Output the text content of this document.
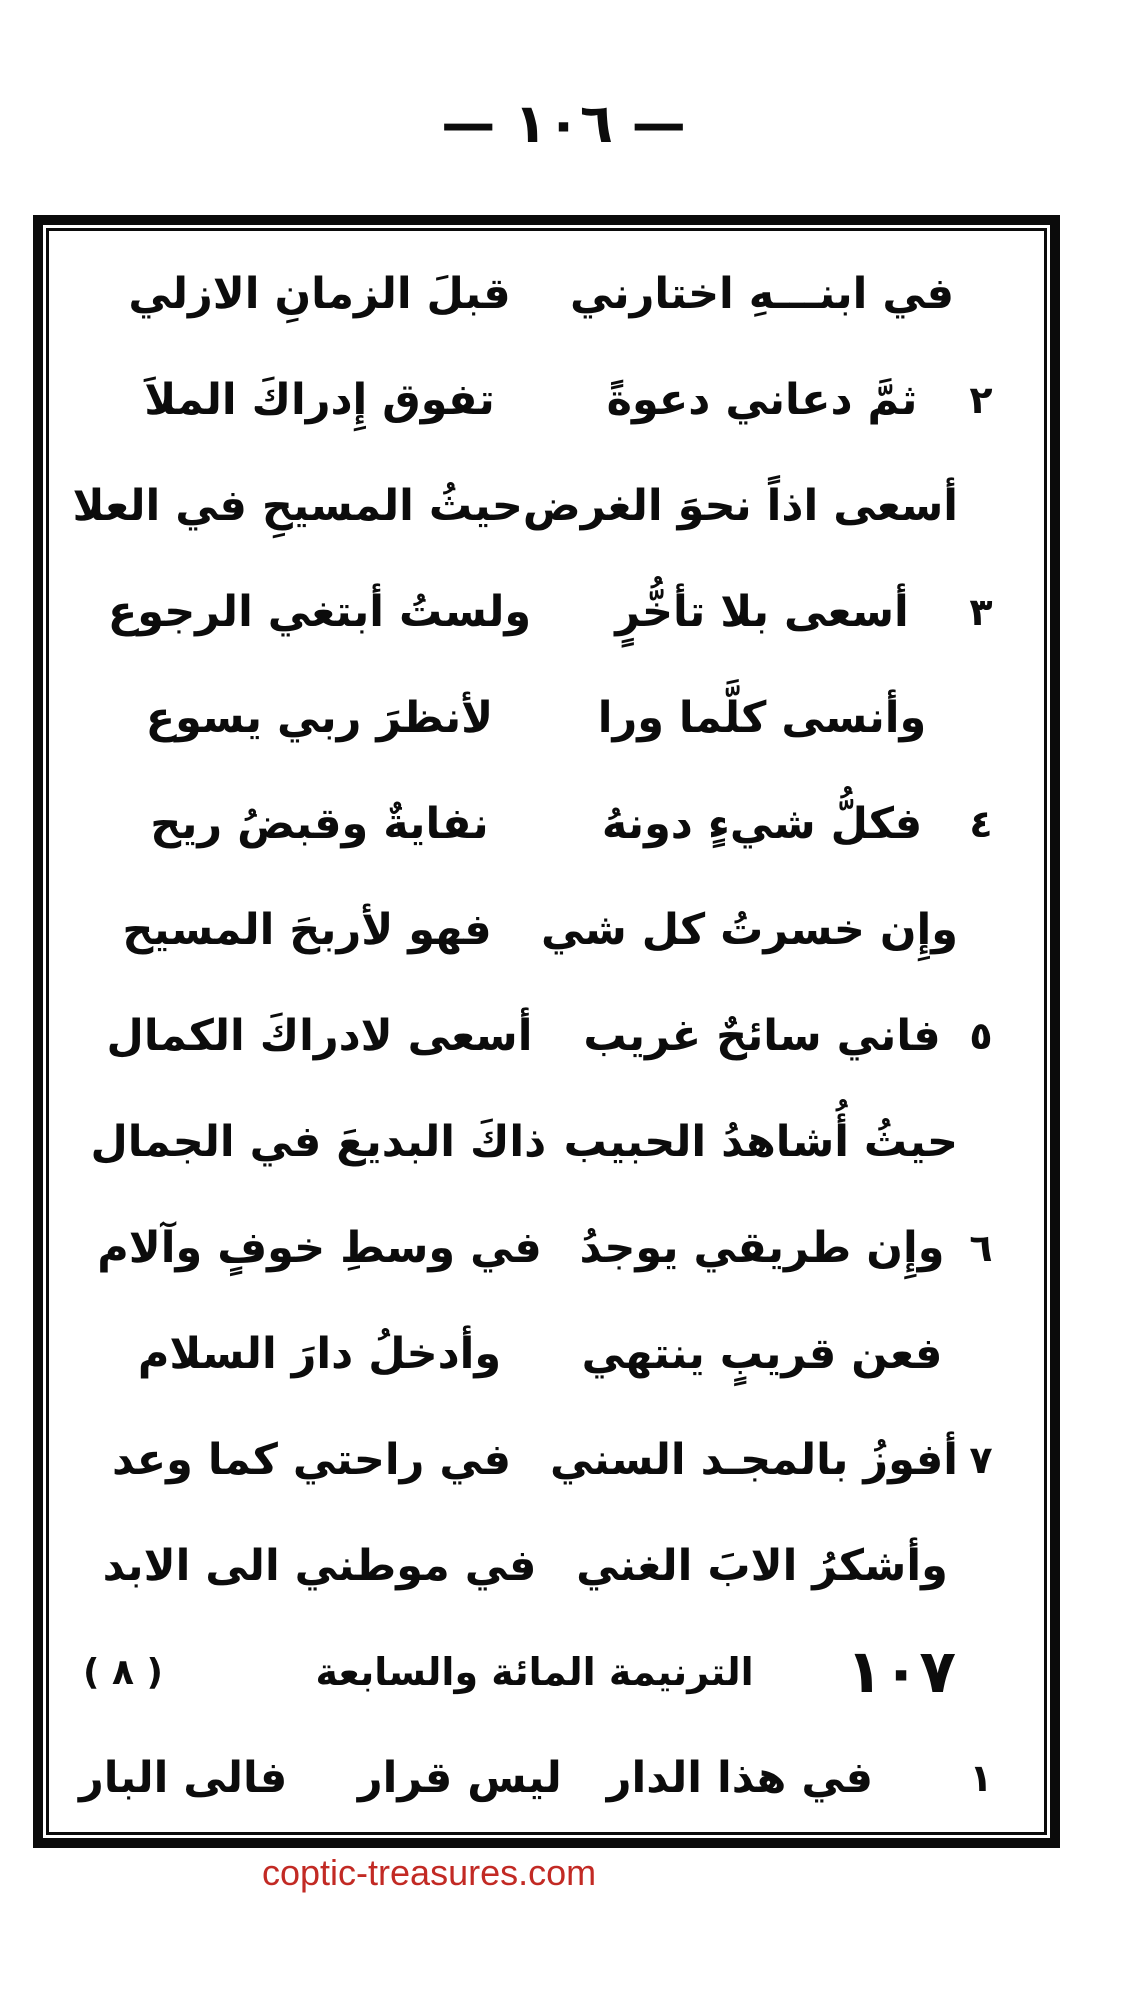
— ١٠٦ —
في ابنـــهِ اختارني
قبلَ الزمانِ الازلي
٢
ثمَّ دعاني دعوةً
تفوق إِدراكَ الملاَ
أسعى اذاً نحوَ الغرض
حيثُ المسيحِ في العلا
٣
أسعى بلا تأخُّرٍ
ولستُ أبتغي الرجوع
وأنسى كلَّما ورا
لأنظرَ ربي يسوع
٤
فكلُّ شيءٍ دونهُ
نفايةٌ وقبضُ ريح
وإِن خسرتُ كل شي
فهو لأربحَ المسيح
٥
فاني سائحٌ غريب
أسعى لادراكَ الكمال
حيثُ أُشاهدُ الحبيب
ذاكَ البديعَ في الجمال
٦
وإِن طريقي يوجدُ
في وسطِ خوفٍ وآلام
فعن قريبٍ ينتهي
وأدخلُ دارَ السلام
٧
أفوزُ بالمجـد السني
في راحتي كما وعد
وأشكرُ الابَ الغني
في موطني الى الابد
١٠٧
الترنيمة المائة والسابعة
( ٨ )
١
في هذا الدار
ليس قرار
فالى البار
coptic-treasures.com
